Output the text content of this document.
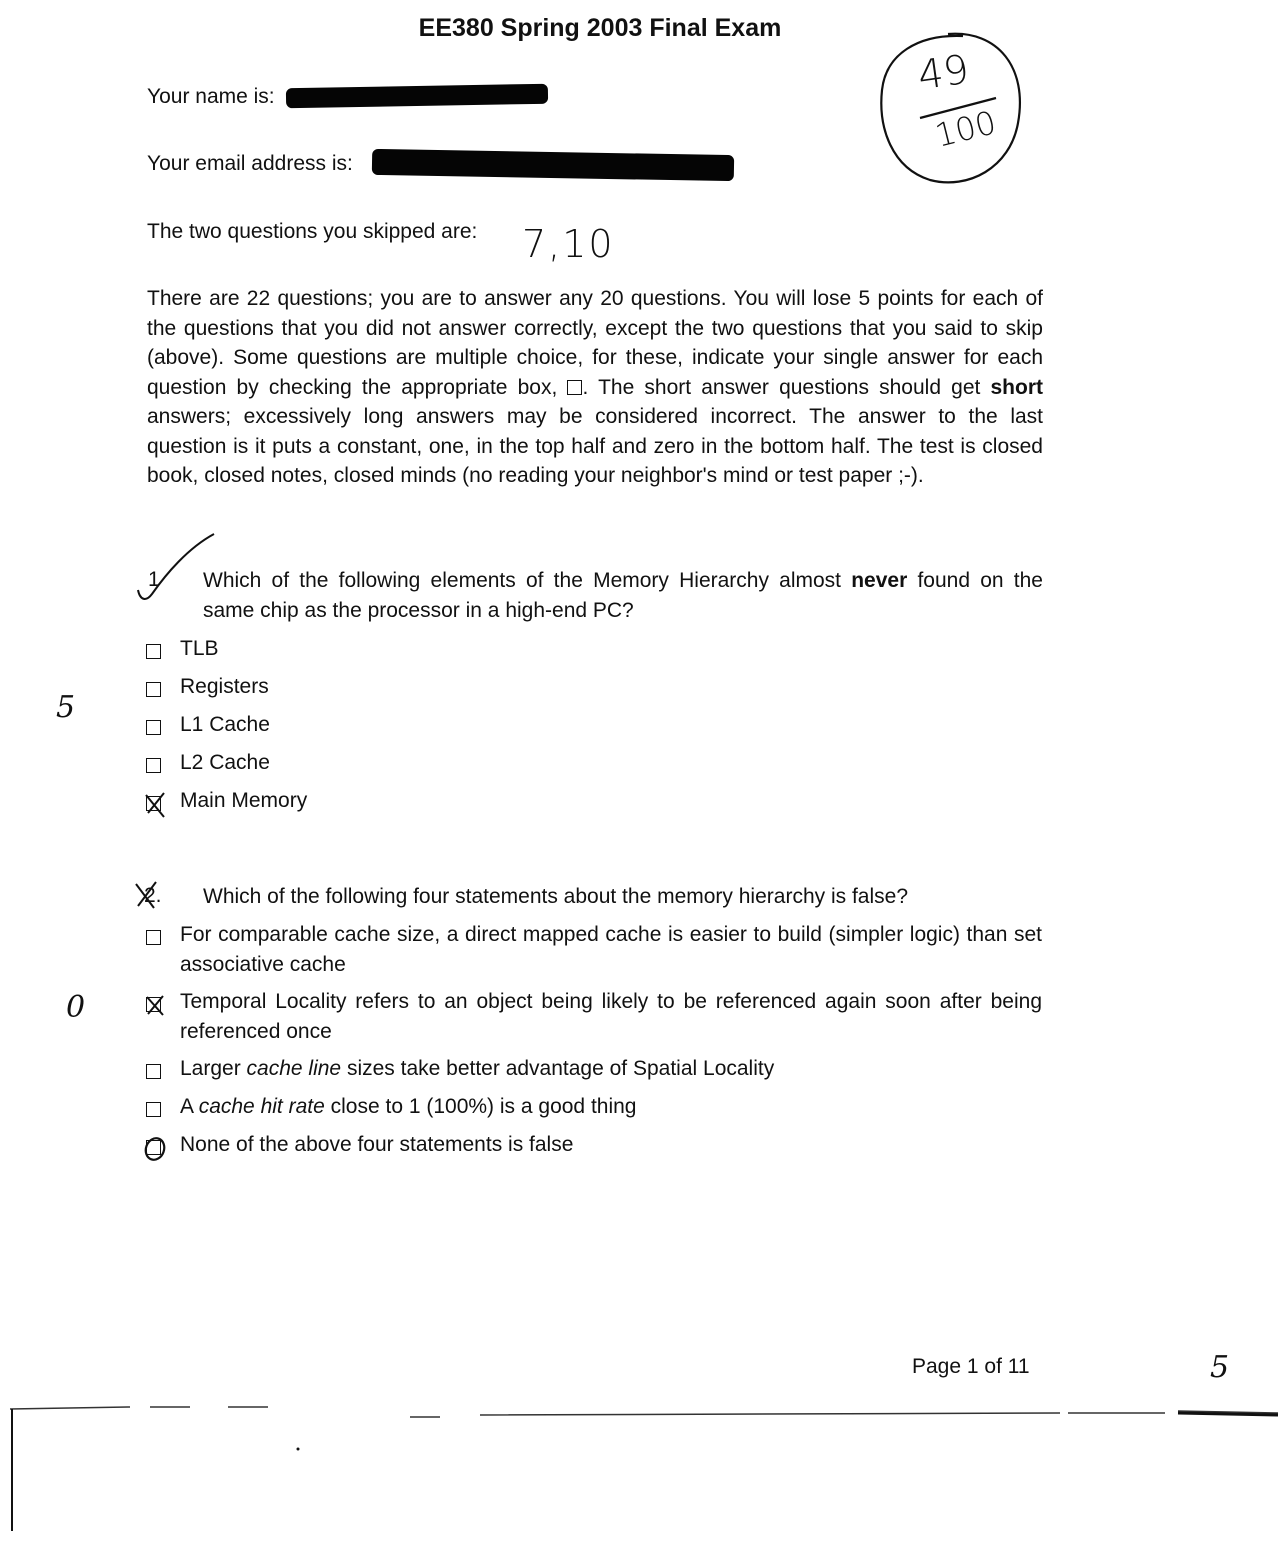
EE380 Spring 2003 Final Exam
Your name is:
Your email address is:
The two questions you skipped are: 7,10
49
100
There are 22 questions; you are to answer any 20 questions. You will lose 5 points for each of the questions that you did not answer correctly, except the two questions that you said to skip (above). Some questions are multiple choice, for these, indicate your single answer for each question by checking the appropriate box, . The short answer questions should get short answers; excessively long answers may be considered incorrect. The answer to the last question is it puts a constant, one, in the top half and zero in the bottom half. The test is closed book, closed notes, closed minds (no reading your neighbor's mind or test paper ;-).
1 Which of the following elements of the Memory Hierarchy almost never found on the same chip as the processor in a high-end PC?
TLB
Registers
L1 Cache
L2 Cache
Main Memory
5
2. Which of the following four statements about the memory hierarchy is false?
For comparable cache size, a direct mapped cache is easier to build (simpler logic) than set associative cache
Temporal Locality refers to an object being likely to be referenced again soon after being referenced once
Larger cache line sizes take better advantage of Spatial Locality
A cache hit rate close to 1 (100%) is a good thing
None of the above four statements is false
0
Page 1 of 11	5
